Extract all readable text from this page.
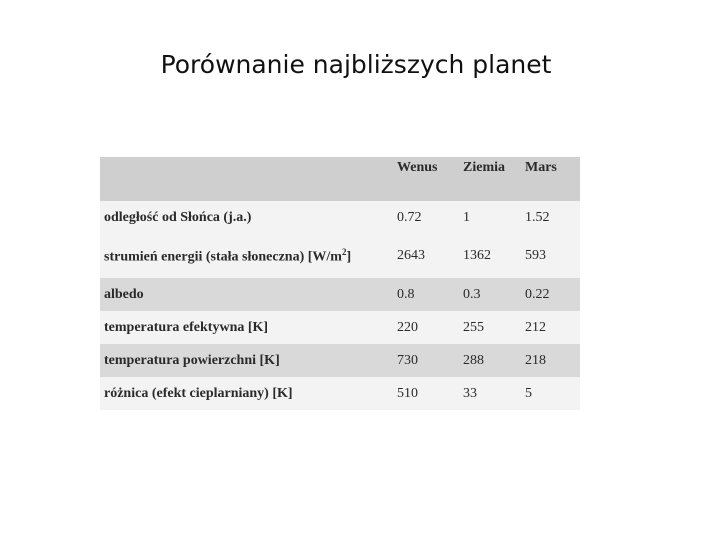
Porównanie najbliższych planet
	Wenus	Ziemia	Mars
odległość od Słońca (j.a.)	0.72	1	1.52
strumień energii (stała słoneczna) $[W/m^2]$	2643	1362	593
albedo	0.8	0.3	0.22
temperatura efektywna [K]	220	255	212
temperatura powierzchni [K]	730	288	218
różnica (efekt cieplarniany) [K]	510	33	5
